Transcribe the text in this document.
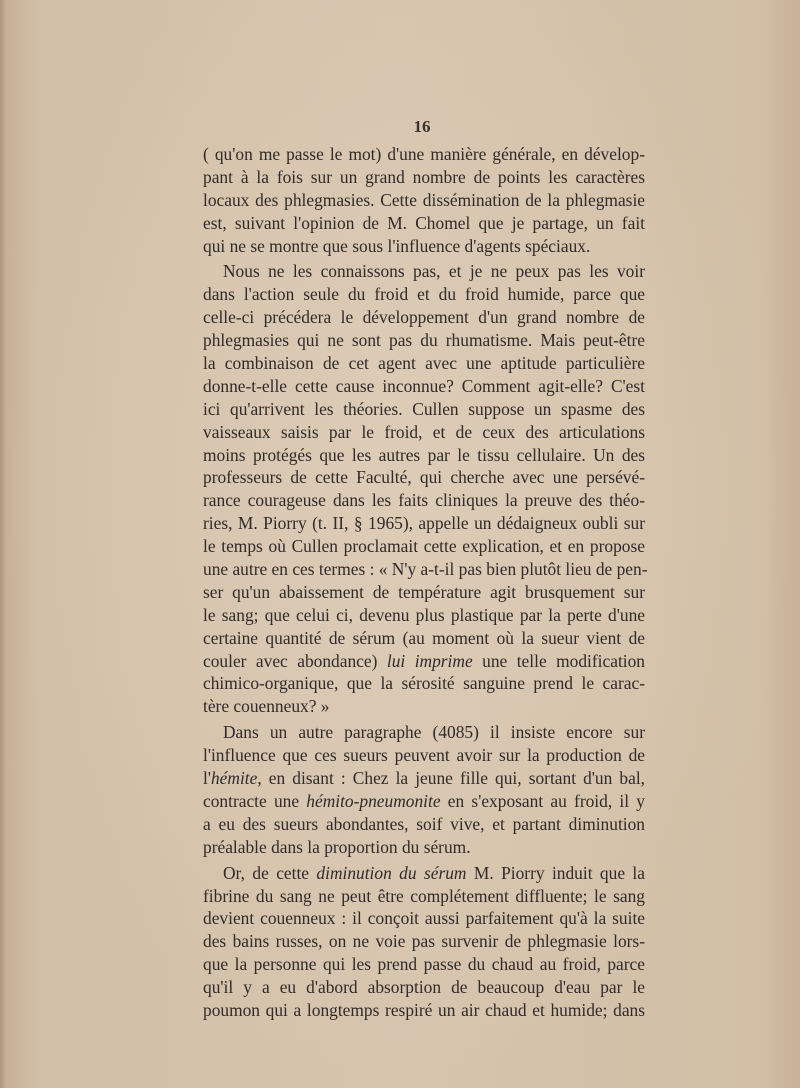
16
( qu'on me passe le mot) d'une manière générale, en dévelop-
pant à la fois sur un grand nombre de points les caractères
locaux des phlegmasies. Cette dissémination de la phlegmasie
est, suivant l'opinion de M. Chomel que je partage, un fait
qui ne se montre que sous l'influence d'agents spéciaux.
Nous ne les connaissons pas, et je ne peux pas les voir
dans l'action seule du froid et du froid humide, parce que
celle-ci précédera le développement d'un grand nombre de
phlegmasies qui ne sont pas du rhumatisme. Mais peut-être
la combinaison de cet agent avec une aptitude particulière
donne-t-elle cette cause inconnue? Comment agit-elle? C'est
ici qu'arrivent les théories. Cullen suppose un spasme des
vaisseaux saisis par le froid, et de ceux des articulations
moins protégés que les autres par le tissu cellulaire. Un des
professeurs de cette Faculté, qui cherche avec une persévé-
rance courageuse dans les faits cliniques la preuve des théo-
ries, M. Piorry (t. II, § 1965), appelle un dédaigneux oubli sur
le temps où Cullen proclamait cette explication, et en propose
une autre en ces termes : « N'y a-t-il pas bien plutôt lieu de pen-
ser qu'un abaissement de température agit brusquement sur
le sang; que celui ci, devenu plus plastique par la perte d'une
certaine quantité de sérum (au moment où la sueur vient de
couler avec abondance) lui imprime une telle modification
chimico-organique, que la sérosité sanguine prend le carac-
tère couenneux? »
Dans un autre paragraphe (4085) il insiste encore sur
l'influence que ces sueurs peuvent avoir sur la production de
l'hémite, en disant : Chez la jeune fille qui, sortant d'un bal,
contracte une hémito-pneumonite en s'exposant au froid, il y
a eu des sueurs abondantes, soif vive, et partant diminution
préalable dans la proportion du sérum.
Or, de cette diminution du sérum M. Piorry induit que la
fibrine du sang ne peut être complétement diffluente; le sang
devient couenneux : il conçoit aussi parfaitement qu'à la suite
des bains russes, on ne voie pas survenir de phlegmasie lors-
que la personne qui les prend passe du chaud au froid, parce
qu'il y a eu d'abord absorption de beaucoup d'eau par le
poumon qui a longtemps respiré un air chaud et humide; dans
